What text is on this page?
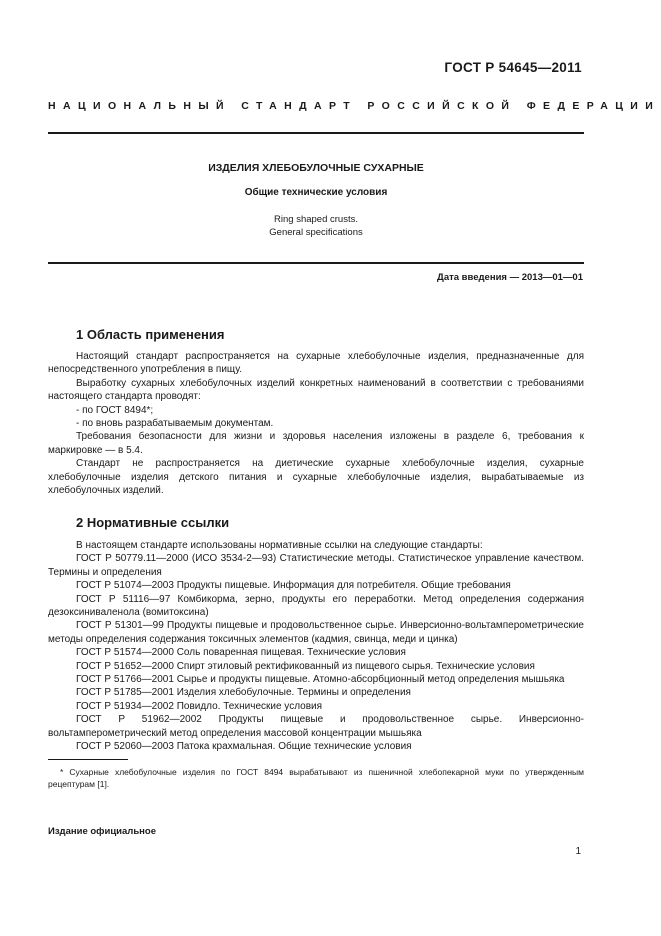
ГОСТ Р 54645—2011
НАЦИОНАЛЬНЫЙ СТАНДАРТ РОССИЙСКОЙ ФЕДЕРАЦИИ
ИЗДЕЛИЯ ХЛЕБОБУЛОЧНЫЕ СУХАРНЫЕ
Общие технические условия
Ring shaped crusts.
General specifications
Дата введения — 2013—01—01
1 Область применения

Настоящий стандарт распространяется на сухарные хлебобулочные изделия, предназначенные для непосредственного употребления в пищу.

Выработку сухарных хлебобулочных изделий конкретных наименований в соответствии с требованиями настоящего стандарта проводят:

- по ГОСТ 8494*;

- по вновь разрабатываемым документам.

Требования безопасности для жизни и здоровья населения изложены в разделе 6, требования к маркировке — в 5.4.

Стандарт не распространяется на диетические сухарные хлебобулочные изделия, сухарные хлебобулочные изделия детского питания и сухарные хлебобулочные изделия, вырабатываемые из хлебобулочных изделий.

2 Нормативные ссылки

В настоящем стандарте использованы нормативные ссылки на следующие стандарты:

ГОСТ Р 50779.11—2000 (ИСО 3534-2—93) Статистические методы. Статистическое управление качеством. Термины и определения

ГОСТ Р 51074—2003 Продукты пищевые. Информация для потребителя. Общие требования

ГОСТ Р 51116—97 Комбикорма, зерно, продукты его переработки. Метод определения содержания дезоксиниваленола (вомитоксина)

ГОСТ Р 51301—99 Продукты пищевые и продовольственное сырье. Инверсионно-вольтамперометрические методы определения содержания токсичных элементов (кадмия, свинца, меди и цинка)

ГОСТ Р 51574—2000 Соль поваренная пищевая. Технические условия

ГОСТ Р 51652—2000 Спирт этиловый ректификованный из пищевого сырья. Технические условия

ГОСТ Р 51766—2001 Сырье и продукты пищевые. Атомно-абсорбционный метод определения мышьяка

ГОСТ Р 51785—2001 Изделия хлебобулочные. Термины и определения

ГОСТ Р 51934—2002 Повидло. Технические условия

ГОСТ Р 51962—2002 Продукты пищевые и продовольственное сырье. Инверсионно-вольтамперометрический метод определения массовой концентрации мышьяка

ГОСТ Р 52060—2003 Патока крахмальная. Общие технические условия

* Сухарные хлебобулочные изделия по ГОСТ 8494 вырабатывают из пшеничной хлебопекарной муки по утвержденным рецептурам [1].
Издание официальное
1
